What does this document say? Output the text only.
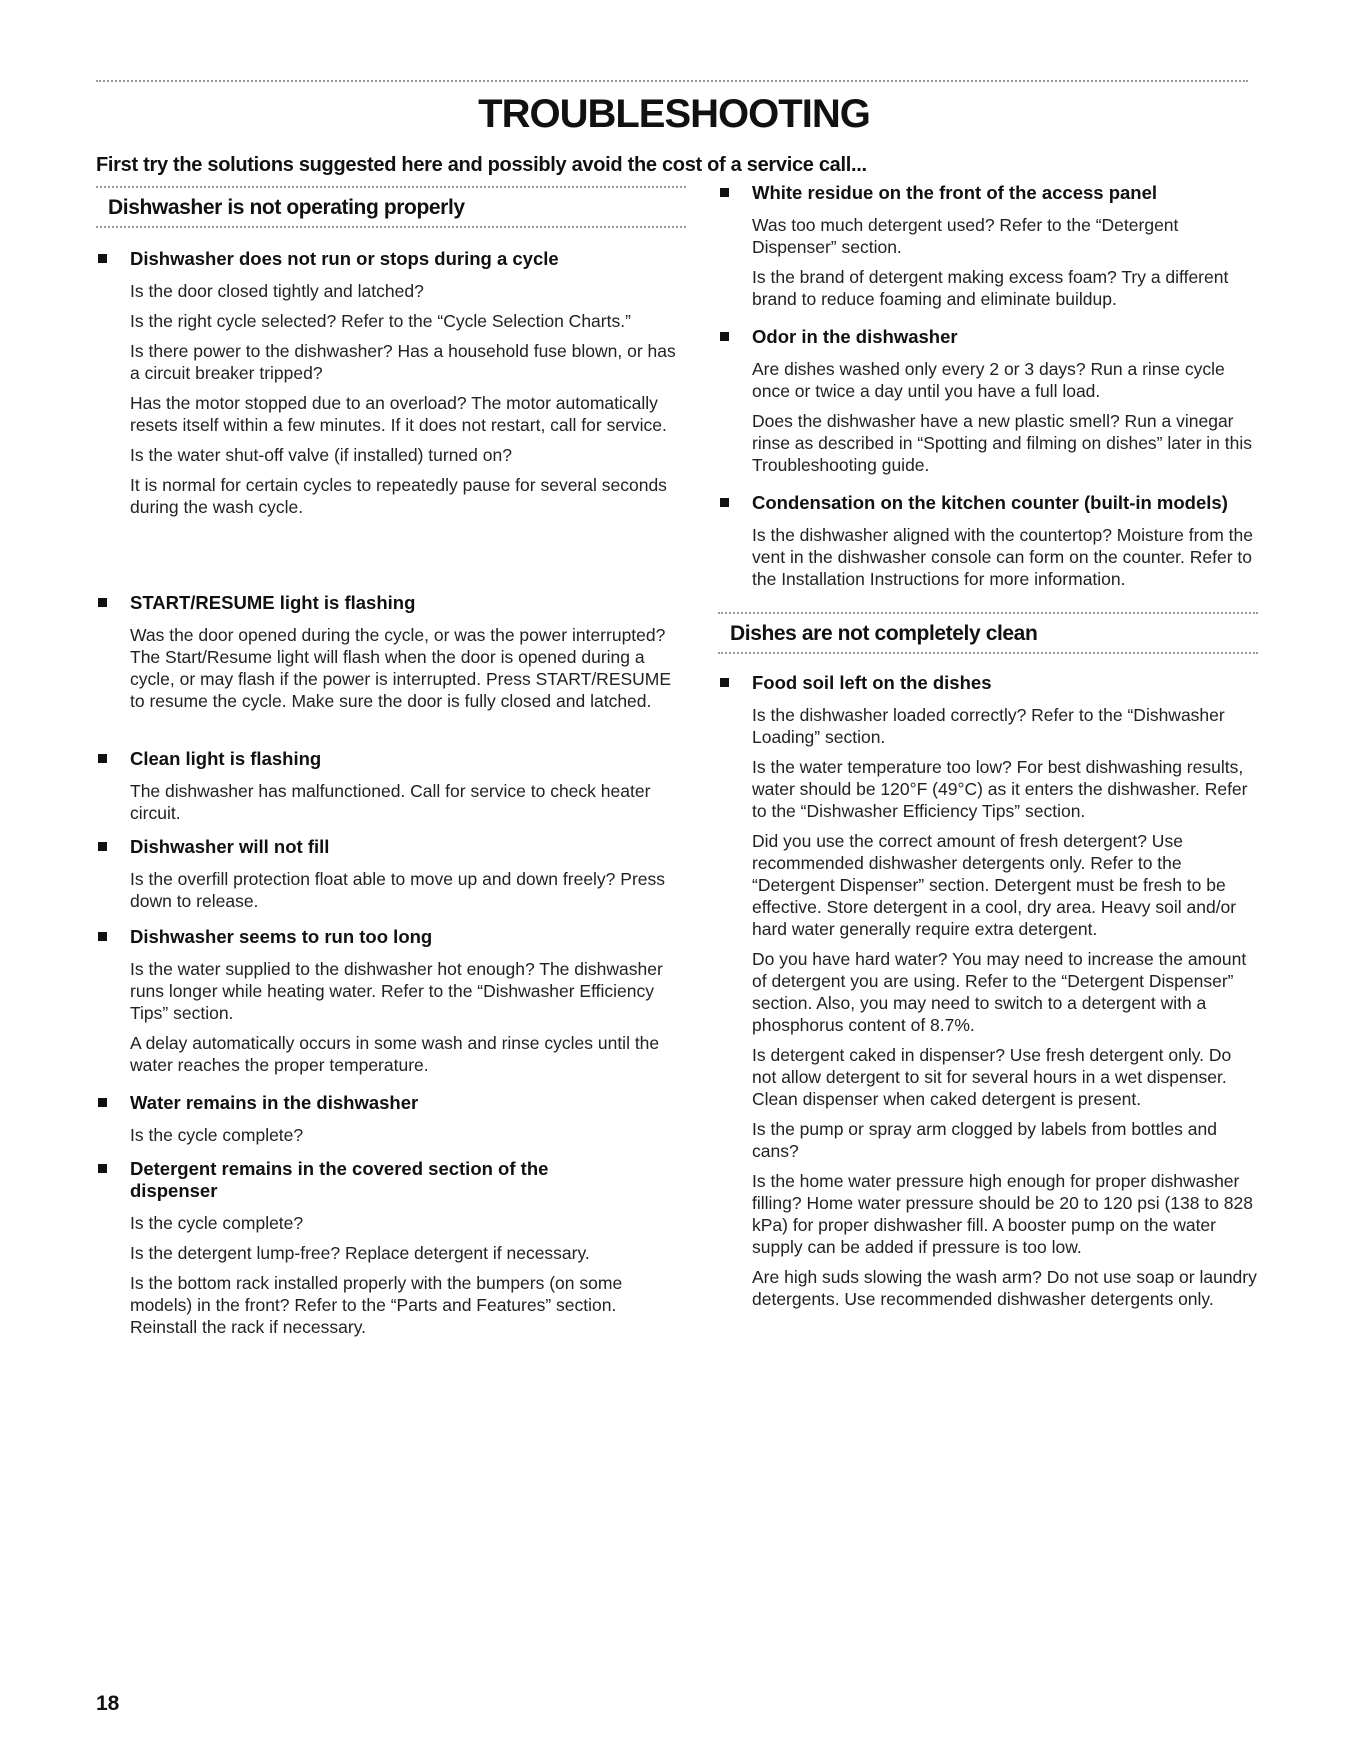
TROUBLESHOOTING
First try the solutions suggested here and possibly avoid the cost of a service call...
Dishwasher is not operating properly
Dishwasher does not run or stops during a cycle

Is the door closed tightly and latched?

Is the right cycle selected? Refer to the “Cycle Selection Charts.”

Is there power to the dishwasher? Has a household fuse blown, or has a circuit breaker tripped?

Has the motor stopped due to an overload? The motor automatically resets itself within a few minutes. If it does not restart, call for service.

Is the water shut-off valve (if installed) turned on?

It is normal for certain cycles to repeatedly pause for several seconds during the wash cycle.

START/RESUME light is flashing

Was the door opened during the cycle, or was the power interrupted? The Start/Resume light will flash when the door is opened during a cycle, or may flash if the power is interrupted. Press START/RESUME to resume the cycle. Make sure the door is fully closed and latched.

Clean light is flashing

The dishwasher has malfunctioned. Call for service to check heater circuit.

Dishwasher will not fill

Is the overfill protection float able to move up and down freely? Press down to release.

Dishwasher seems to run too long

Is the water supplied to the dishwasher hot enough? The dishwasher runs longer while heating water. Refer to the “Dishwasher Efficiency Tips” section.

A delay automatically occurs in some wash and rinse cycles until the water reaches the proper temperature.

Water remains in the dishwasher

Is the cycle complete?

Detergent remains in the covered section of the dispenser

Is the cycle complete?

Is the detergent lump-free? Replace detergent if necessary.

Is the bottom rack installed properly with the bumpers (on some models) in the front? Refer to the “Parts and Features” section. Reinstall the rack if necessary.

White residue on the front of the access panel

Was too much detergent used? Refer to the “Detergent Dispenser” section.

Is the brand of detergent making excess foam? Try a different brand to reduce foaming and eliminate buildup.

Odor in the dishwasher

Are dishes washed only every 2 or 3 days? Run a rinse cycle once or twice a day until you have a full load.

Does the dishwasher have a new plastic smell? Run a vinegar rinse as described in “Spotting and filming on dishes” later in this Troubleshooting guide.

Condensation on the kitchen counter (built-in models)

Is the dishwasher aligned with the countertop? Moisture from the vent in the dishwasher console can form on the counter. Refer to the Installation Instructions for more information.

Dishes are not completely clean
Food soil left on the dishes

Is the dishwasher loaded correctly? Refer to the “Dishwasher Loading” section.

Is the water temperature too low? For best dishwashing results, water should be 120°F (49°C) as it enters the dishwasher. Refer to the “Dishwasher Efficiency Tips” section.

Did you use the correct amount of fresh detergent? Use recommended dishwasher detergents only. Refer to the “Detergent Dispenser” section. Detergent must be fresh to be effective. Store detergent in a cool, dry area. Heavy soil and/or hard water generally require extra detergent.

Do you have hard water? You may need to increase the amount of detergent you are using. Refer to the “Detergent Dispenser” section. Also, you may need to switch to a detergent with a phosphorus content of 8.7%.

Is detergent caked in dispenser? Use fresh detergent only. Do not allow detergent to sit for several hours in a wet dispenser. Clean dispenser when caked detergent is present.

Is the pump or spray arm clogged by labels from bottles and cans?

Is the home water pressure high enough for proper dishwasher filling? Home water pressure should be 20 to 120 psi (138 to 828 kPa) for proper dishwasher fill. A booster pump on the water supply can be added if pressure is too low.

Are high suds slowing the wash arm? Do not use soap or laundry detergents. Use recommended dishwasher detergents only.

18
